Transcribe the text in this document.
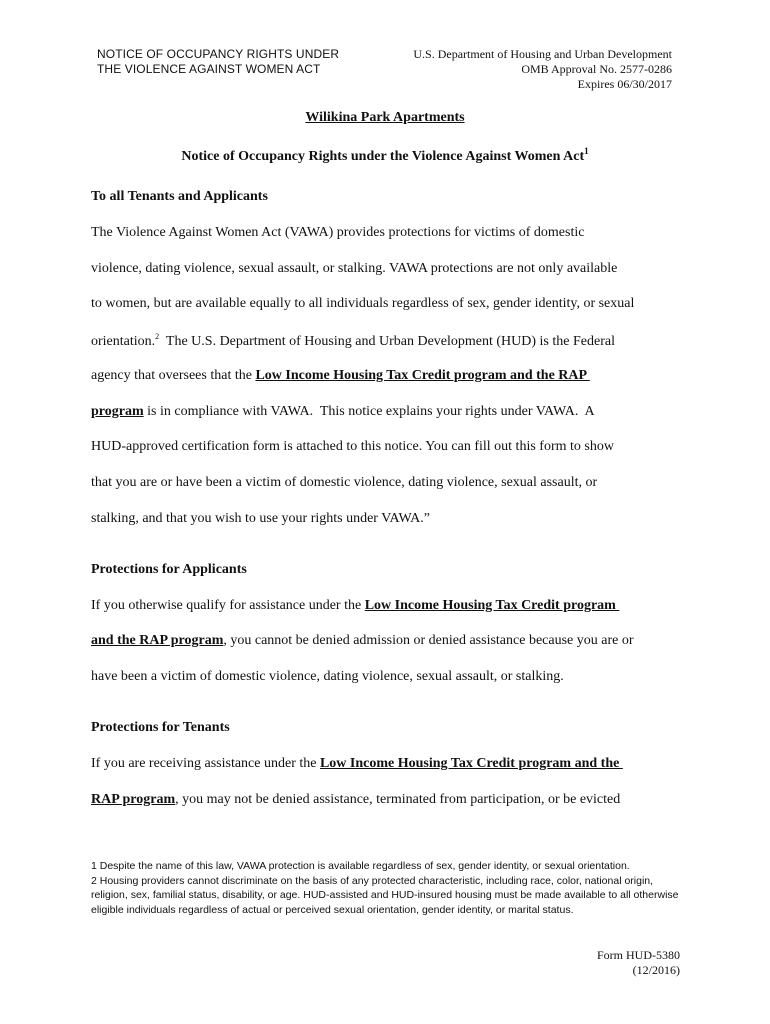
NOTICE OF OCCUPANCY RIGHTS UNDER
THE VIOLENCE AGAINST WOMEN ACT
U.S. Department of Housing and Urban Development
OMB Approval No. 2577-0286
Expires 06/30/2017
Wilikina Park Apartments
Notice of Occupancy Rights under the Violence Against Women Act$^1$
To all Tenants and Applicants
The Violence Against Women Act (VAWA) provides protections for victims of domestic
violence, dating violence, sexual assault, or stalking. VAWA protections are not only available
to women, but are available equally to all individuals regardless of sex, gender identity, or sexual
orientation.$^2$  The U.S. Department of Housing and Urban Development (HUD) is the Federal
agency that oversees that the Low Income Housing Tax Credit program and the RAP
program is in compliance with VAWA.  This notice explains your rights under VAWA.  A
HUD-approved certification form is attached to this notice. You can fill out this form to show
that you are or have been a victim of domestic violence, dating violence, sexual assault, or
stalking, and that you wish to use your rights under VAWA.”
Protections for Applicants
If you otherwise qualify for assistance under the Low Income Housing Tax Credit program
and the RAP program, you cannot be denied admission or denied assistance because you are or
have been a victim of domestic violence, dating violence, sexual assault, or stalking.
Protections for Tenants
If you are receiving assistance under the Low Income Housing Tax Credit program and the
RAP program, you may not be denied assistance, terminated from participation, or be evicted

1 Despite the name of this law, VAWA protection is available regardless of sex, gender identity, or sexual orientation.

2 Housing providers cannot discriminate on the basis of any protected characteristic, including race, color, national origin, religion, sex, familial status, disability, or age. HUD-assisted and HUD-insured housing must be made available to all otherwise eligible individuals regardless of actual or perceived sexual orientation, gender identity, or marital status.

Form HUD-5380
(12/2016)
